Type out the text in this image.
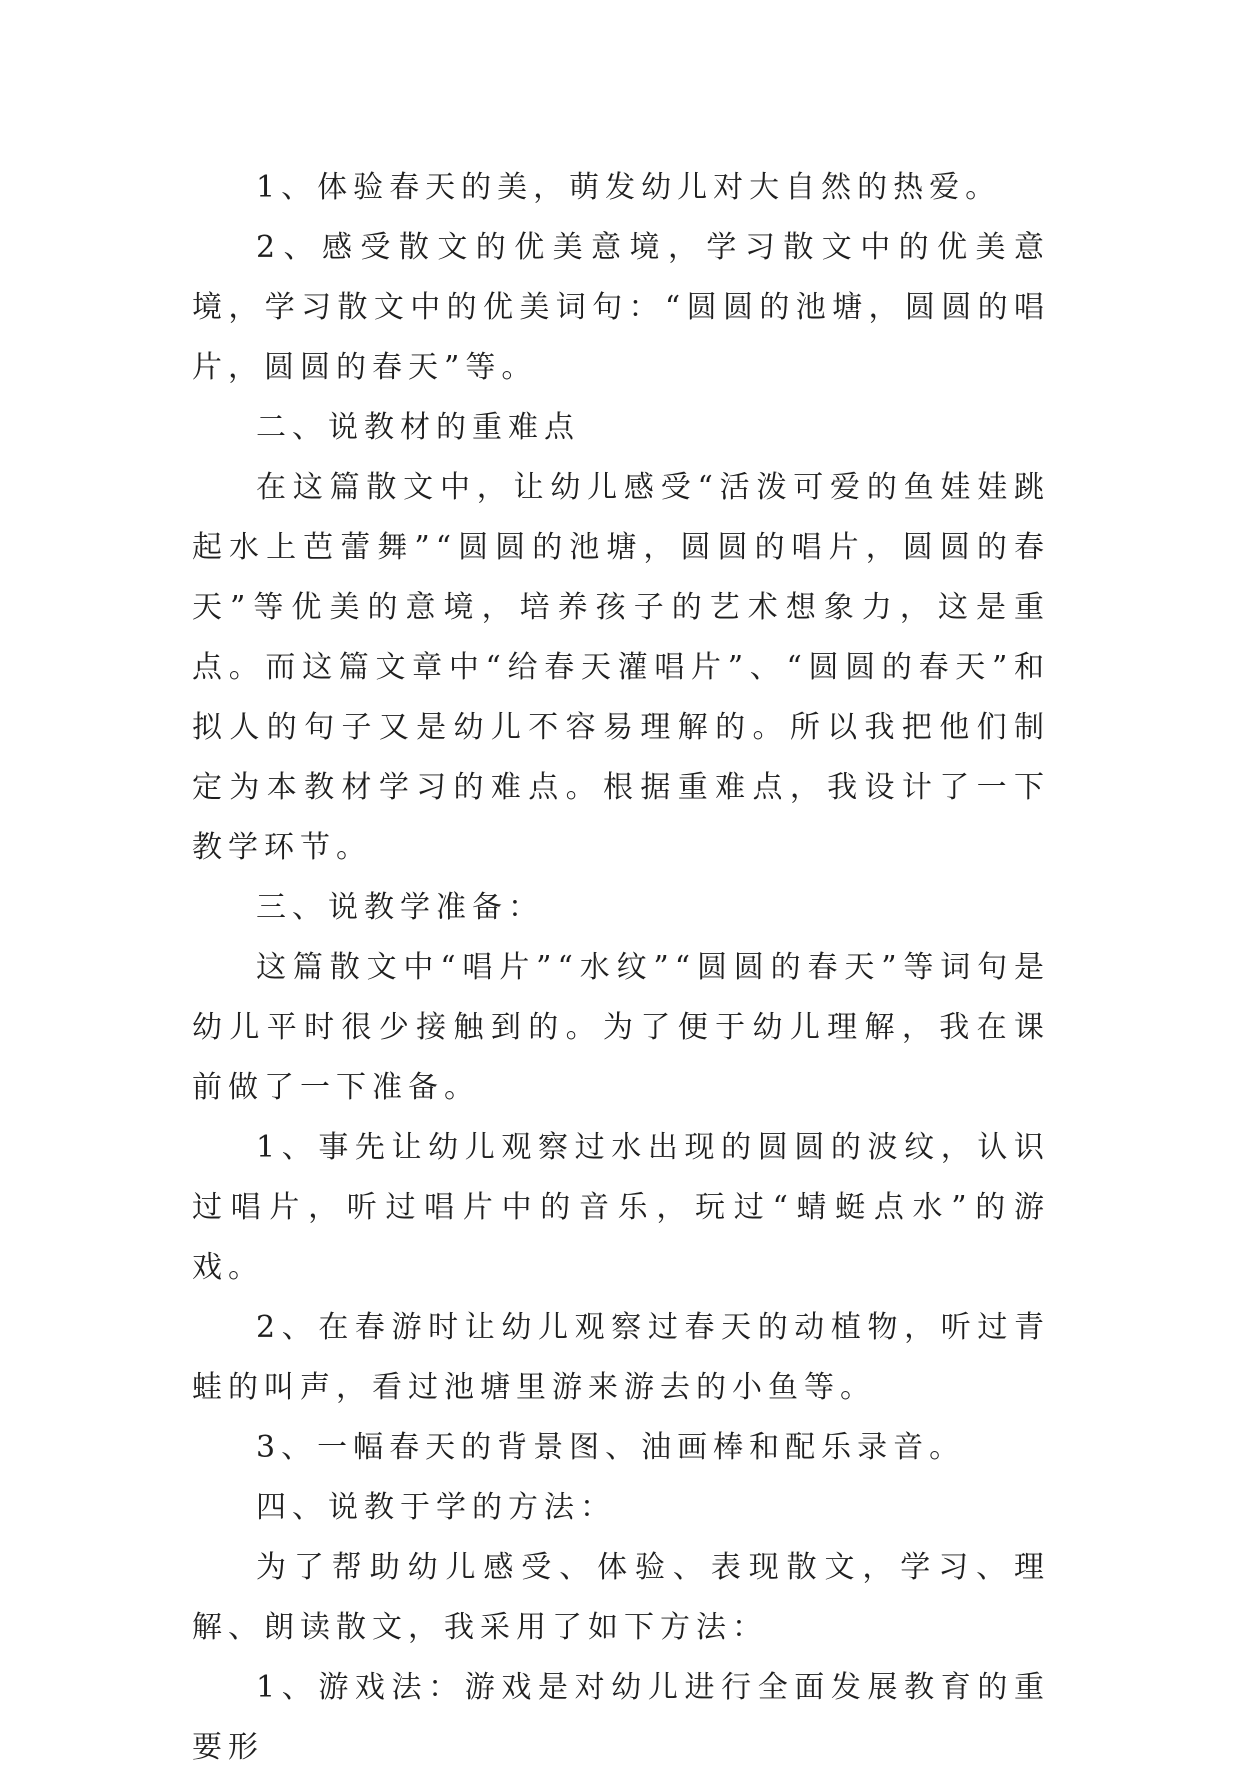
1、体验春天的美，萌发幼儿对大自然的热爱。

2、感受散文的优美意境，学习散文中的优美意境，学习散文中的优美词句：“圆圆的池塘，圆圆的唱片，圆圆的春天”等。

二、说教材的重难点

在这篇散文中，让幼儿感受“活泼可爱的鱼娃娃跳起水上芭蕾舞”“圆圆的池塘，圆圆的唱片，圆圆的春天”等优美的意境，培养孩子的艺术想象力，这是重点。而这篇文章中“给春天灌唱片”、“圆圆的春天”和拟人的句子又是幼儿不容易理解的。所以我把他们制定为本教材学习的难点。根据重难点，我设计了一下教学环节。

三、说教学准备：

这篇散文中“唱片”“水纹”“圆圆的春天”等词句是幼儿平时很少接触到的。为了便于幼儿理解，我在课前做了一下准备。

1、事先让幼儿观察过水出现的圆圆的波纹，认识过唱片，听过唱片中的音乐，玩过“蜻蜓点水”的游戏。

2、在春游时让幼儿观察过春天的动植物，听过青蛙的叫声，看过池塘里游来游去的小鱼等。

3、一幅春天的背景图、油画棒和配乐录音。

四、说教于学的方法：

为了帮助幼儿感受、体验、表现散文，学习、理解、朗读散文，我采用了如下方法：

1、游戏法：游戏是对幼儿进行全面发展教育的重要形
